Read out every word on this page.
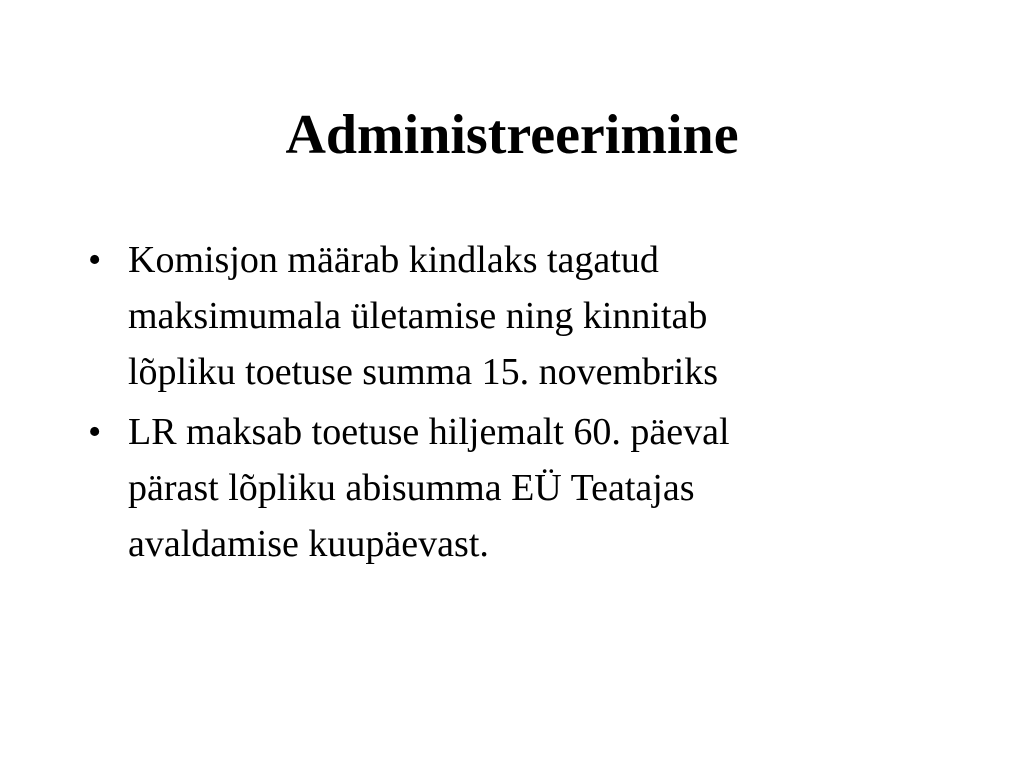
Administreerimine
• Komisjon määrab kindlaks tagatud
maksimumala ületamise ning kinnitab
lõpliku toetuse summa 15. novembriks
• LR maksab toetuse hiljemalt 60. päeval
pärast lõpliku abisumma EÜ Teatajas
avaldamise kuupäevast.
